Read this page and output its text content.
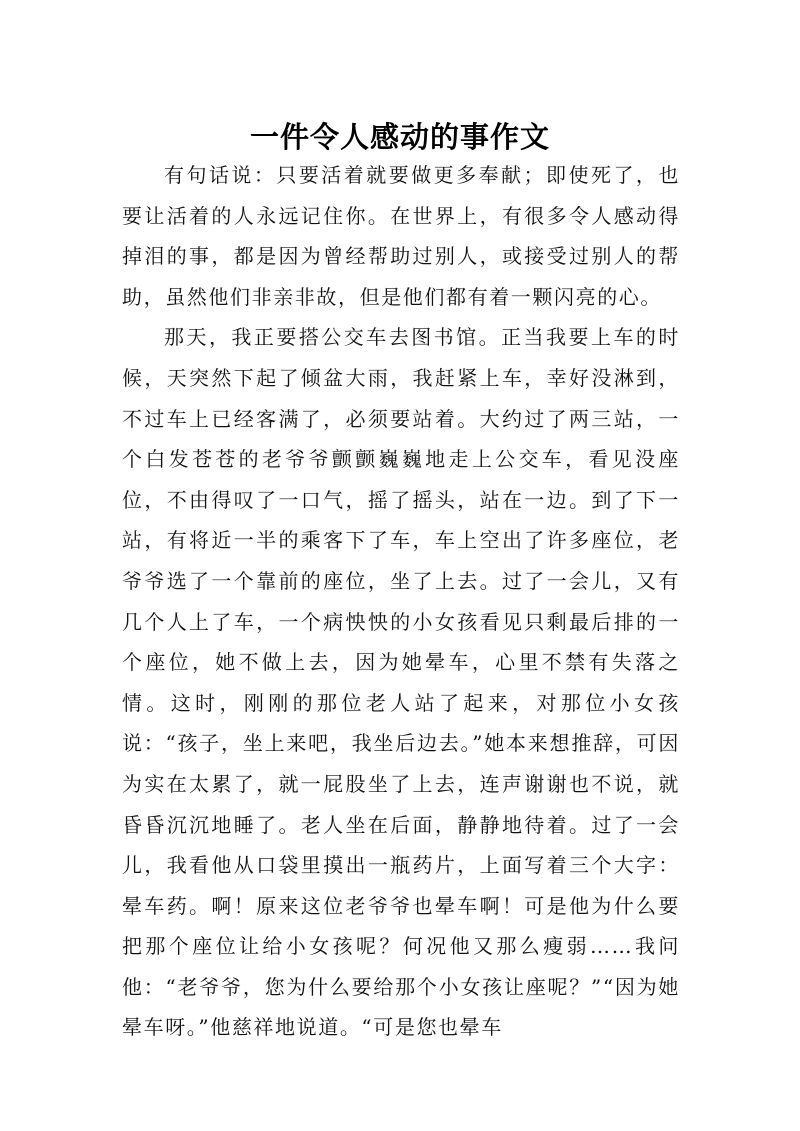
一件令人感动的事作文

有句话说：只要活着就要做更多奉献；即使死了，也要让活着的人永远记住你。在世界上，有很多令人感动得掉泪的事，都是因为曾经帮助过别人，或接受过别人的帮助，虽然他们非亲非故，但是他们都有着一颗闪亮的心。

那天，我正要搭公交车去图书馆。正当我要上车的时候，天突然下起了倾盆大雨，我赶紧上车，幸好没淋到，不过车上已经客满了，必须要站着。大约过了两三站，一个白发苍苍的老爷爷颤颤巍巍地走上公交车，看见没座位，不由得叹了一口气，摇了摇头，站在一边。到了下一站，有将近一半的乘客下了车，车上空出了许多座位，老爷爷选了一个靠前的座位，坐了上去。过了一会儿，又有几个人上了车，一个病怏怏的小女孩看见只剩最后排的一个座位，她不做上去，因为她晕车，心里不禁有失落之情。这时，刚刚的那位老人站了起来，对那位小女孩说：“孩子，坐上来吧，我坐后边去。”她本来想推辞，可因为实在太累了，就一屁股坐了上去，连声谢谢也不说，就昏昏沉沉地睡了。老人坐在后面，静静地待着。过了一会儿，我看他从口袋里摸出一瓶药片，上面写着三个大字：晕车药。啊！原来这位老爷爷也晕车啊！可是他为什么要把那个座位让给小女孩呢？何况他又那么瘦弱……我问他：“老爷爷，您为什么要给那个小女孩让座呢？”“因为她晕车呀。”他慈祥地说道。“可是您也晕车
